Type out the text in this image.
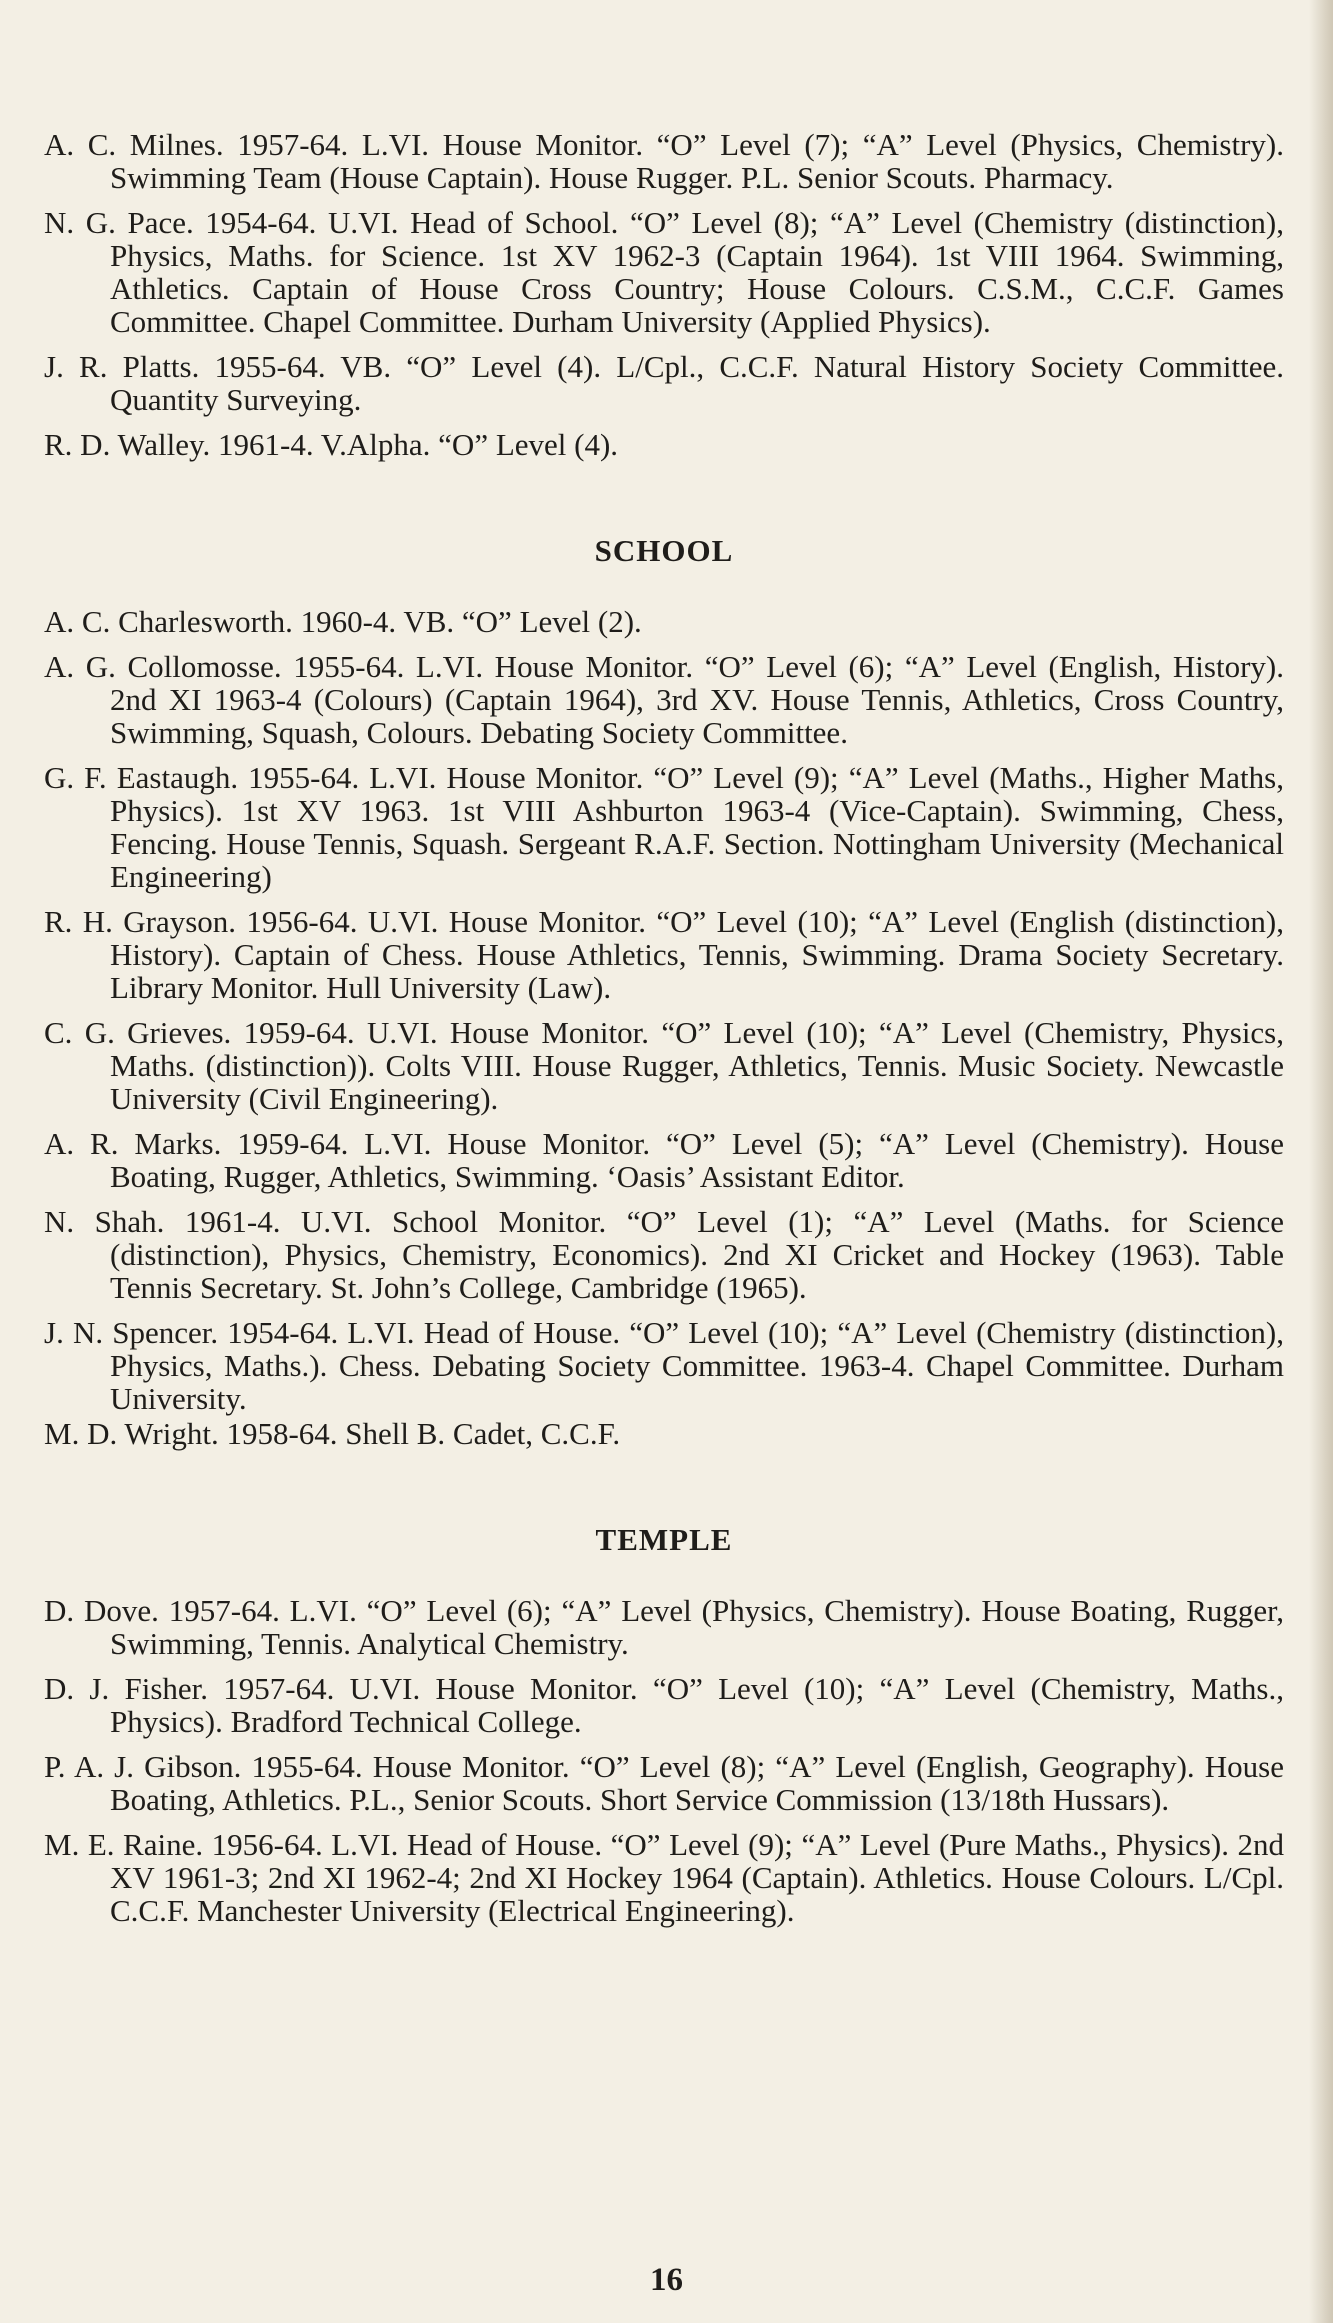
A. C. Milnes. 1957-64. L.VI. House Monitor. “O” Level (7); “A” Level (Physics, Chemistry). Swimming Team (House Captain). House Rugger. P.L. Senior Scouts. Pharmacy.

N. G. Pace. 1954-64. U.VI. Head of School. “O” Level (8); “A” Level (Chemistry (distinction), Physics, Maths. for Science. 1st XV 1962-3 (Captain 1964). 1st VIII 1964. Swimming, Athletics. Captain of House Cross Country; House Colours. C.S.M., C.C.F. Games Committee. Chapel Committee. Durham University (Applied Physics).

J. R. Platts. 1955-64. VB. “O” Level (4). L/Cpl., C.C.F. Natural History Society Committee. Quantity Surveying.

R. D. Walley. 1961-4. V.Alpha. “O” Level (4).

SCHOOL

A. C. Charlesworth. 1960-4. VB. “O” Level (2).

A. G. Collomosse. 1955-64. L.VI. House Monitor. “O” Level (6); “A” Level (English, History). 2nd XI 1963-4 (Colours) (Captain 1964), 3rd XV. House Tennis, Athletics, Cross Country, Swimming, Squash, Colours. Debating Society Committee.

G. F. Eastaugh. 1955-64. L.VI. House Monitor. “O” Level (9); “A” Level (Maths., Higher Maths, Physics). 1st XV 1963. 1st VIII Ashburton 1963-4 (Vice-Captain). Swimming, Chess, Fencing. House Tennis, Squash. Sergeant R.A.F. Section. Nottingham University (Mechanical Engineering)

R. H. Grayson. 1956-64. U.VI. House Monitor. “O” Level (10); “A” Level (English (distinction), History). Captain of Chess. House Athletics, Tennis, Swimming. Drama Society Secretary. Library Monitor. Hull University (Law).

C. G. Grieves. 1959-64. U.VI. House Monitor. “O” Level (10); “A” Level (Chemistry, Physics, Maths. (distinction)). Colts VIII. House Rugger, Athletics, Tennis. Music Society. Newcastle University (Civil Engineering).

A. R. Marks. 1959-64. L.VI. House Monitor. “O” Level (5); “A” Level (Chemistry). House Boating, Rugger, Athletics, Swimming. ‘Oasis’ Assistant Editor.

N. Shah. 1961-4. U.VI. School Monitor. “O” Level (1); “A” Level (Maths. for Science (distinction), Physics, Chemistry, Economics). 2nd XI Cricket and Hockey (1963). Table Tennis Secretary. St. John’s College, Cambridge (1965).

J. N. Spencer. 1954-64. L.VI. Head of House. “O” Level (10); “A” Level (Chemistry (distinction), Physics, Maths.). Chess. Debating Society Committee. 1963-4. Chapel Committee. Durham University.

M. D. Wright. 1958-64. Shell B. Cadet, C.C.F.

TEMPLE

D. Dove. 1957-64. L.VI. “O” Level (6); “A” Level (Physics, Chemistry). House Boating, Rugger, Swimming, Tennis. Analytical Chemistry.

D. J. Fisher. 1957-64. U.VI. House Monitor. “O” Level (10); “A” Level (Chemistry, Maths., Physics). Bradford Technical College.

P. A. J. Gibson. 1955-64. House Monitor. “O” Level (8); “A” Level (English, Geography). House Boating, Athletics. P.L., Senior Scouts. Short Service Commission (13/18th Hussars).

M. E. Raine. 1956-64. L.VI. Head of House. “O” Level (9); “A” Level (Pure Maths., Physics). 2nd XV 1961-3; 2nd XI 1962-4; 2nd XI Hockey 1964 (Captain). Athletics. House Colours. L/Cpl. C.C.F. Manchester University (Electrical Engineering).

16
